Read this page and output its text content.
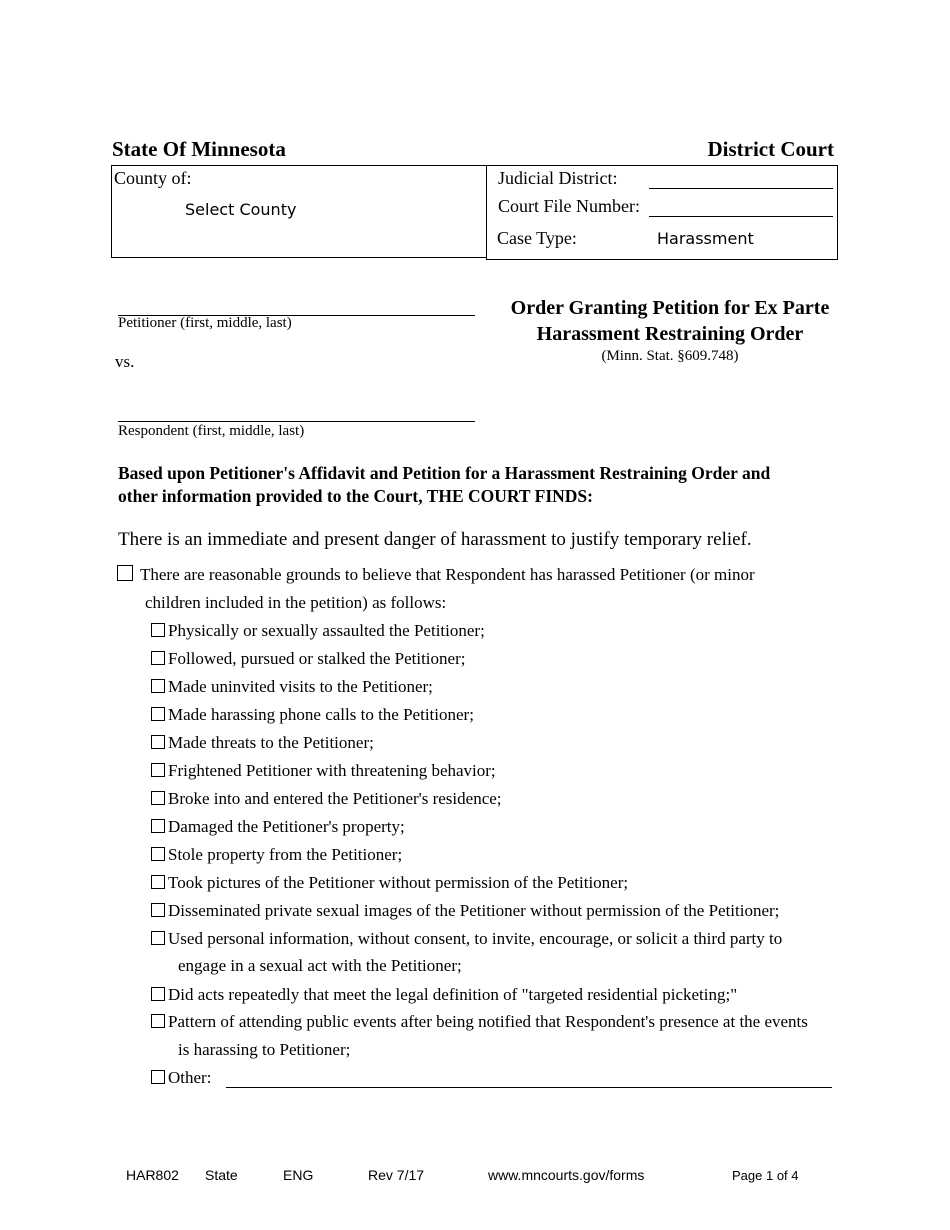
State Of Minnesota	District Court
County of:
Select County
Judicial District:
Court File Number:
Case Type:	Harassment
Petitioner (first, middle, last)
vs.
Respondent (first, middle, last)
Order Granting Petition for Ex Parte
Harassment Restraining Order
(Minn. Stat. §609.748)
Based upon Petitioner's Affidavit and Petition for a Harassment Restraining Order and
other information provided to the Court, THE COURT FINDS:
There is an immediate and present danger of harassment to justify temporary relief.
There are reasonable grounds to believe that Respondent has harassed Petitioner (or minor
children included in the petition) as follows:
Physically or sexually assaulted the Petitioner;
Followed, pursued or stalked the Petitioner;
Made uninvited visits to the Petitioner;
Made harassing phone calls to the Petitioner;
Made threats to the Petitioner;
Frightened Petitioner with threatening behavior;
Broke into and entered the Petitioner's residence;
Damaged the Petitioner's property;
Stole property from the Petitioner;
Took pictures of the Petitioner without permission of the Petitioner;
Disseminated private sexual images of the Petitioner without permission of the Petitioner;
Used personal information, without consent, to invite, encourage, or solicit a third party to
engage in a sexual act with the Petitioner;
Did acts repeatedly that meet the legal definition of "targeted residential picketing;"
Pattern of attending public events after being notified that Respondent's presence at the events
is harassing to Petitioner;
Other:
HAR802 State	ENG	Rev 7/17	www.mncourts.gov/forms	Page 1 of 4
